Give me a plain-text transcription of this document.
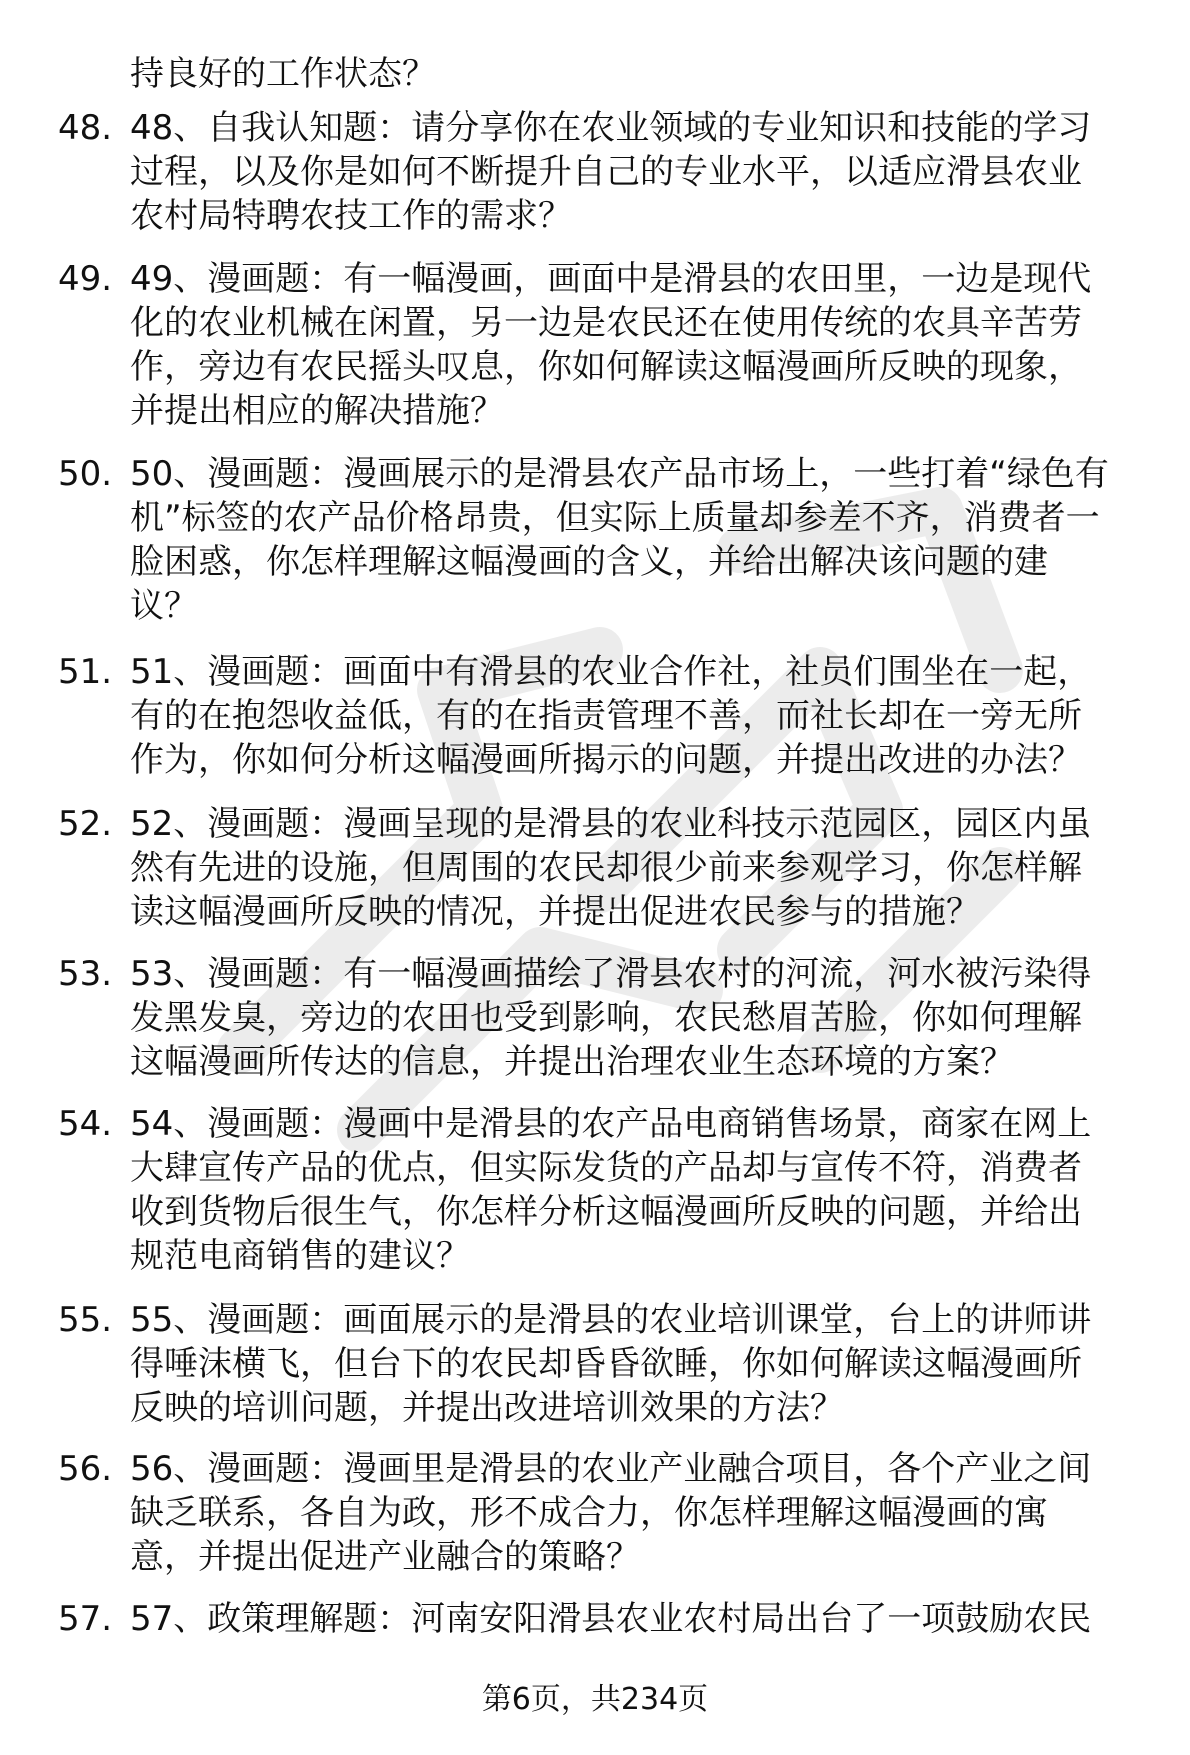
持良好的工作状态？
48. 48、自我认知题：请分享你在农业领域的专业知识和技能的学习
过程，以及你是如何不断提升自己的专业水平，以适应滑县农业
农村局特聘农技工作的需求？
49. 49、漫画题：有一幅漫画，画面中是滑县的农田里，一边是现代
化的农业机械在闲置，另一边是农民还在使用传统的农具辛苦劳
作，旁边有农民摇头叹息，你如何解读这幅漫画所反映的现象，
并提出相应的解决措施？
50. 50、漫画题：漫画展示的是滑县农产品市场上，一些打着“绿色有
机”标签的农产品价格昂贵，但实际上质量却参差不齐，消费者一
脸困惑，你怎样理解这幅漫画的含义，并给出解决该问题的建
议？
51. 51、漫画题：画面中有滑县的农业合作社，社员们围坐在一起，
有的在抱怨收益低，有的在指责管理不善，而社长却在一旁无所
作为，你如何分析这幅漫画所揭示的问题，并提出改进的办法？
52. 52、漫画题：漫画呈现的是滑县的农业科技示范园区，园区内虽
然有先进的设施，但周围的农民却很少前来参观学习，你怎样解
读这幅漫画所反映的情况，并提出促进农民参与的措施？
53. 53、漫画题：有一幅漫画描绘了滑县农村的河流，河水被污染得
发黑发臭，旁边的农田也受到影响，农民愁眉苦脸，你如何理解
这幅漫画所传达的信息，并提出治理农业生态环境的方案？
54. 54、漫画题：漫画中是滑县的农产品电商销售场景，商家在网上
大肆宣传产品的优点，但实际发货的产品却与宣传不符，消费者
收到货物后很生气，你怎样分析这幅漫画所反映的问题，并给出
规范电商销售的建议？
55. 55、漫画题：画面展示的是滑县的农业培训课堂，台上的讲师讲
得唾沫横飞，但台下的农民却昏昏欲睡，你如何解读这幅漫画所
反映的培训问题，并提出改进培训效果的方法？
56. 56、漫画题：漫画里是滑县的农业产业融合项目，各个产业之间
缺乏联系，各自为政，形不成合力，你怎样理解这幅漫画的寓
意，并提出促进产业融合的策略？
57. 57、政策理解题：河南安阳滑县农业农村局出台了一项鼓励农民
第6页，共234页
